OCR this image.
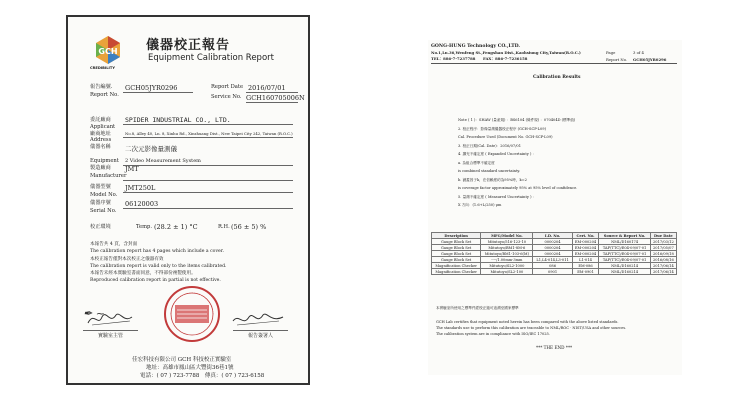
GCH
CREDIBILITY
儀器校正報告
Equipment Calibration Report
報告編號.
Report No.
GCH05JYR0296	Report Date 2016/07/01
Service No. GCH160705006N
委託廠商
Applicant
SPIDER INDUSTRIAL CO., LTD.
廠商地址
Address
No.8, Alley 40, Ln. 8, Xinhu Rd., Xinzhuang Dist., New Taipei City 242, Taiwan (R.O.C.)
儀器名稱
Equipment
二次元影像量測儀
2 Video Measurement System
製造廠商 JMT
Manufacturer
儀器型號 JMT250L
Model No.
儀器序號 06120003
Serial No.
校正環境	Temp. (28.2 ± 1) °C	R.H. (56 ± 5) %
本報告共 4 頁，含封面
The calibration report has 4 pages which include a cover.
本校正報告僅對本次校正之儀器有效
The calibration report is valid only to the items calibrated.
本報告未經本實驗室書面同意，不得部份複製使用。
Reproduced calibration report in partial is not effective.
✒ ~
實驗室主管	報告簽署人
佳宏科技有限公司 GCH 科技校正實驗室
地址：高雄市鳳山區大豐街36巷1號
電話：( 07 ) 723-7788　傳真：( 07 ) 723-6158
GONG-HUNG Technology CO.,LTD.
No.1,Ln.36,Wenfeng St.,Fengshan Dist.,Kaohsiung City,Taiwan(R.O.C.)
TEL：886-7-7237788 FAX：886-7-7236158
Page	3 of 4
Report No. GCH05JYR0296
Calibration Results
Note ( 1 )：SHAW (量產規) ：BS6104 (條件規) ：070404D (標準值)
2. 校正程序：影像量測儀器校正程序 (GCH-SCP-L09)
Cal. Procedure Used (Document No. GCH-SCP-L09)
3. 校正日期(Cal. Date)：2016/07/01
4. 擴充不確定度 ( Expanded Uncertainty ) ：
a. 為組合標準不確定度
is combined standard uncertainty.
b. 涵蓋因子k，在信賴度約為95%時，k=2
is coverage factor approximately 95% at 95% level of confidence.
5. 量測不確定度 ( Measured Uncertainty ) ：
X 方向：(1.6+L/250) μm
Description	MFG/Model No.	I.D. No.	Cert. No.	Source & Report No.	Due Date
Gauge Block Set	Mitutoyo/516-123-10	0000204	EM-000204	NML/D160174	2017/03/12
Gauge Block Set	Mitutoyo/BM1-8M-6	0000204	EM-000204	TAF(TTC)/E04-09/07-01	2017/05/07
Gauge Block Set	Mitutoyo/BM1-103-6(M)	0000204	EM-000204	TAF(TTC)/E04-09/07-01	2016/09/18
Gauge Block Set	----/1.00mm-3mm	L1,L4-014,L3-011	L1-014	TAF(TTC)/E04-09/07-01	2016/08/16
Magnification Checker	Mitutoyo/SL2-1000	086	EM-086	NML/D160214	2017/06/14
Magnification Checker	Mitutoyo/SL2-100	0901	EM-0901	NML/D160214	2017/06/14
本實驗室所使用之標準件經校正過可追溯至國家標準
GCH Lab certifies that equipment noted herein has been compared with the above listed standards.
The standards use to perform this calibration are traceable to NML/ROC · NIST/USA and other sources.
The calibration system are in compliance with ISO/IEC 17025.
*** THE END ***
